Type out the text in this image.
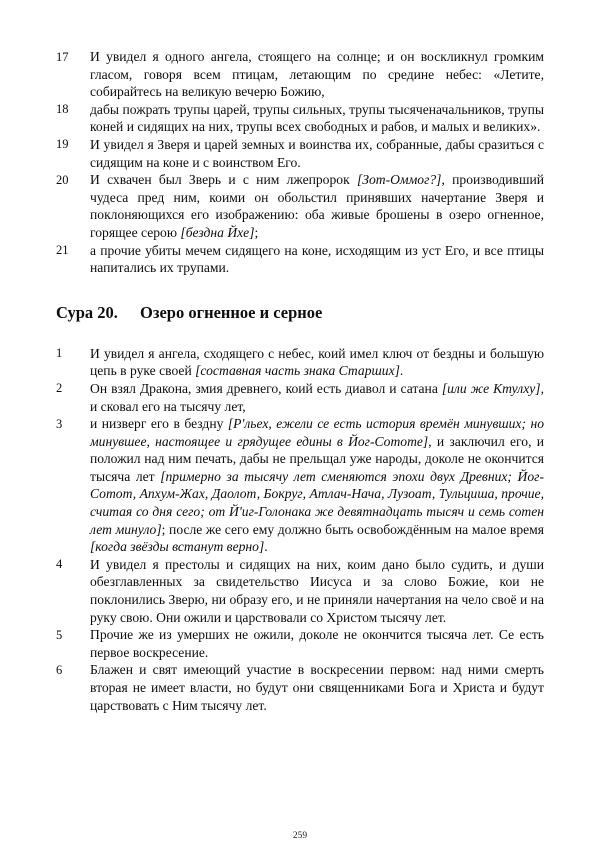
17	И увидел я одного ангела, стоящего на солнце; и он воскликнул громким гласом, говоря всем птицам, летающим по средине небес: «Летите, собирайтесь на великую вечерю Божию,
18	дабы пожрать трупы царей, трупы сильных, трупы тысяченачальников, трупы коней и сидящих на них, трупы всех свободных и рабов, и малых и великих».
19	И увидел я Зверя и царей земных и воинства их, собранные, дабы сразиться с сидящим на коне и с воинством Его.
20	И схвачен был Зверь и с ним лжепророк [Зот-Оммог?], производивший чудеса пред ним, коими он обольстил принявших начертание Зверя и поклоняющихся его изображению: оба живые брошены в озеро огненное, горящее серою [бездна Йхе];
21	а прочие убиты мечем сидящего на коне, исходящим из уст Его, и все птицы напитались их трупами.
Сура 20.	Озеро огненное и серное
1	И увидел я ангела, сходящего с небес, коий имел ключ от бездны и большую цепь в руке своей [составная часть знака Старших].
2	Он взял Дракона, змия древнего, коий есть диавол и сатана [или же Ктулху], и сковал его на тысячу лет,
3	и низверг его в бездну [Р'льех, ежели се есть история времён минувших; но минувшее, настоящее и грядущее едины в Йог-Сототе], и заключил его, и положил над ним печать, дабы не прельщал уже народы, доколе не окончится тысяча лет [примерно за тысячу лет сменяются эпохи двух Древних; Йог-Сотот, Апхум-Жах, Даолот, Бокруг, Атлач-Нача, Лузоат, Тульциша, прочие, считая со дня сего; от Й'иг-Голонака же девятнадцать тысяч и семь сотен лет минуло]; после же сего ему должно быть освобождённым на малое время [когда звёзды встанут верно].
4	И увидел я престолы и сидящих на них, коим дано было судить, и души обезглавленных за свидетельство Иисуса и за слово Божие, кои не поклонились Зверю, ни образу его, и не приняли начертания на чело своё и на руку свою. Они ожили и царствовали со Христом тысячу лет.
5	Прочие же из умерших не ожили, доколе не окончится тысяча лет. Се есть первое воскресение.
6	Блажен и свят имеющий участие в воскресении первом: над ними смерть вторая не имеет власти, но будут они священниками Бога и Христа и будут царствовать с Ним тысячу лет.
259
